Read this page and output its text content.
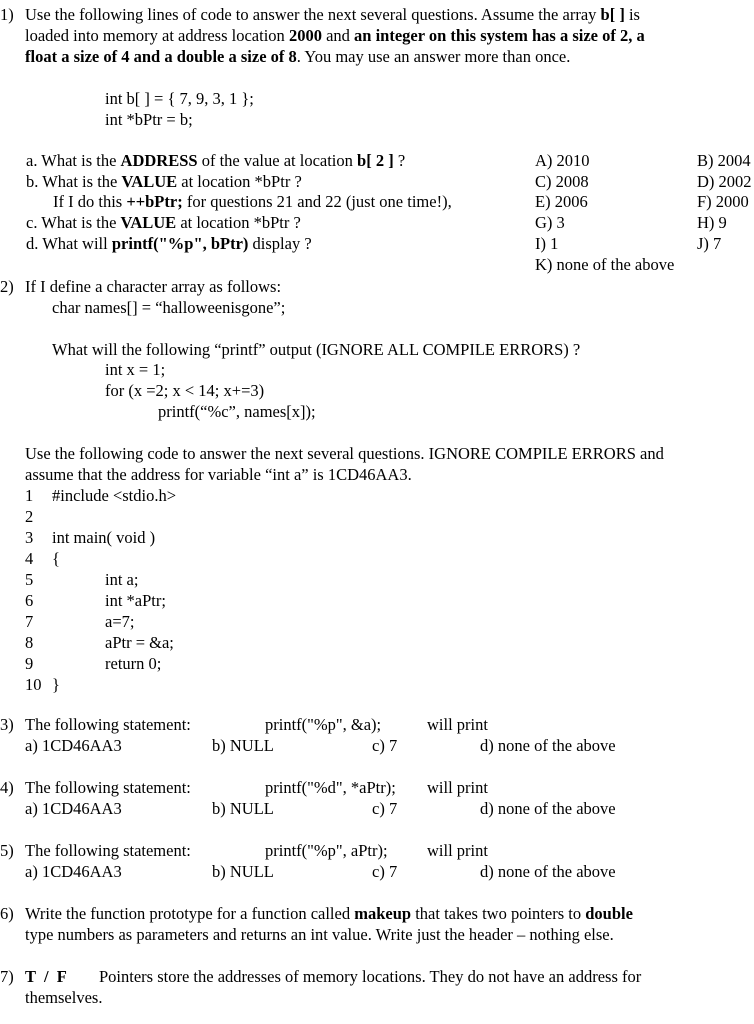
1) Use the following lines of code to answer the next several questions. Assume the array b[ ] is
loaded into memory at address location 2000 and an integer on this system has a size of 2, a
float a size of 4 and a double a size of 8. You may use an answer more than once.
int b[ ] = { 7, 9, 3, 1 };
int *bPtr = b;
a. What is the ADDRESS of the value at location b[ 2 ] ?
b. What is the VALUE at location *bPtr ?
If I do this ++bPtr; for questions 21 and 22 (just one time!),
c. What is the VALUE at location *bPtr ?
d. What will printf("%p", bPtr) display ?
A) 2010	B) 2004
C) 2008	D) 2002
E) 2006	F) 2000
G) 3	H) 9
I) 1	J) 7
K) none of the above
2) If I define a character array as follows:
char names[] = “halloweenisgone”;
What will the following “printf” output (IGNORE ALL COMPILE ERRORS) ?
int x = 1;
for (x =2; x < 14; x+=3)
printf(“%c”, names[x]);
Use the following code to answer the next several questions. IGNORE COMPILE ERRORS and
assume that the address for variable “int a” is 1CD46AA3.
1 #include <stdio.h>
2
3 int main( void )
4 {
5	int a;
6	int *aPtr;
7	a=7;
8	aPtr = &a;
9	return 0;
10 }
3) The following statement:	printf("%p", &a);	will print
a) 1CD46AA3	b) NULL	c) 7	d) none of the above
4) The following statement:	printf("%d", *aPtr); will print
a) 1CD46AA3	b) NULL	c) 7	d) none of the above
5) The following statement:	printf("%p", aPtr); will print
a) 1CD46AA3	b) NULL	c) 7	d) none of the above
6) Write the function prototype for a function called makeup that takes two pointers to double
type numbers as parameters and returns an int value. Write just the header – nothing else.
7) T  /  F Pointers store the addresses of memory locations. They do not have an address for
themselves.
